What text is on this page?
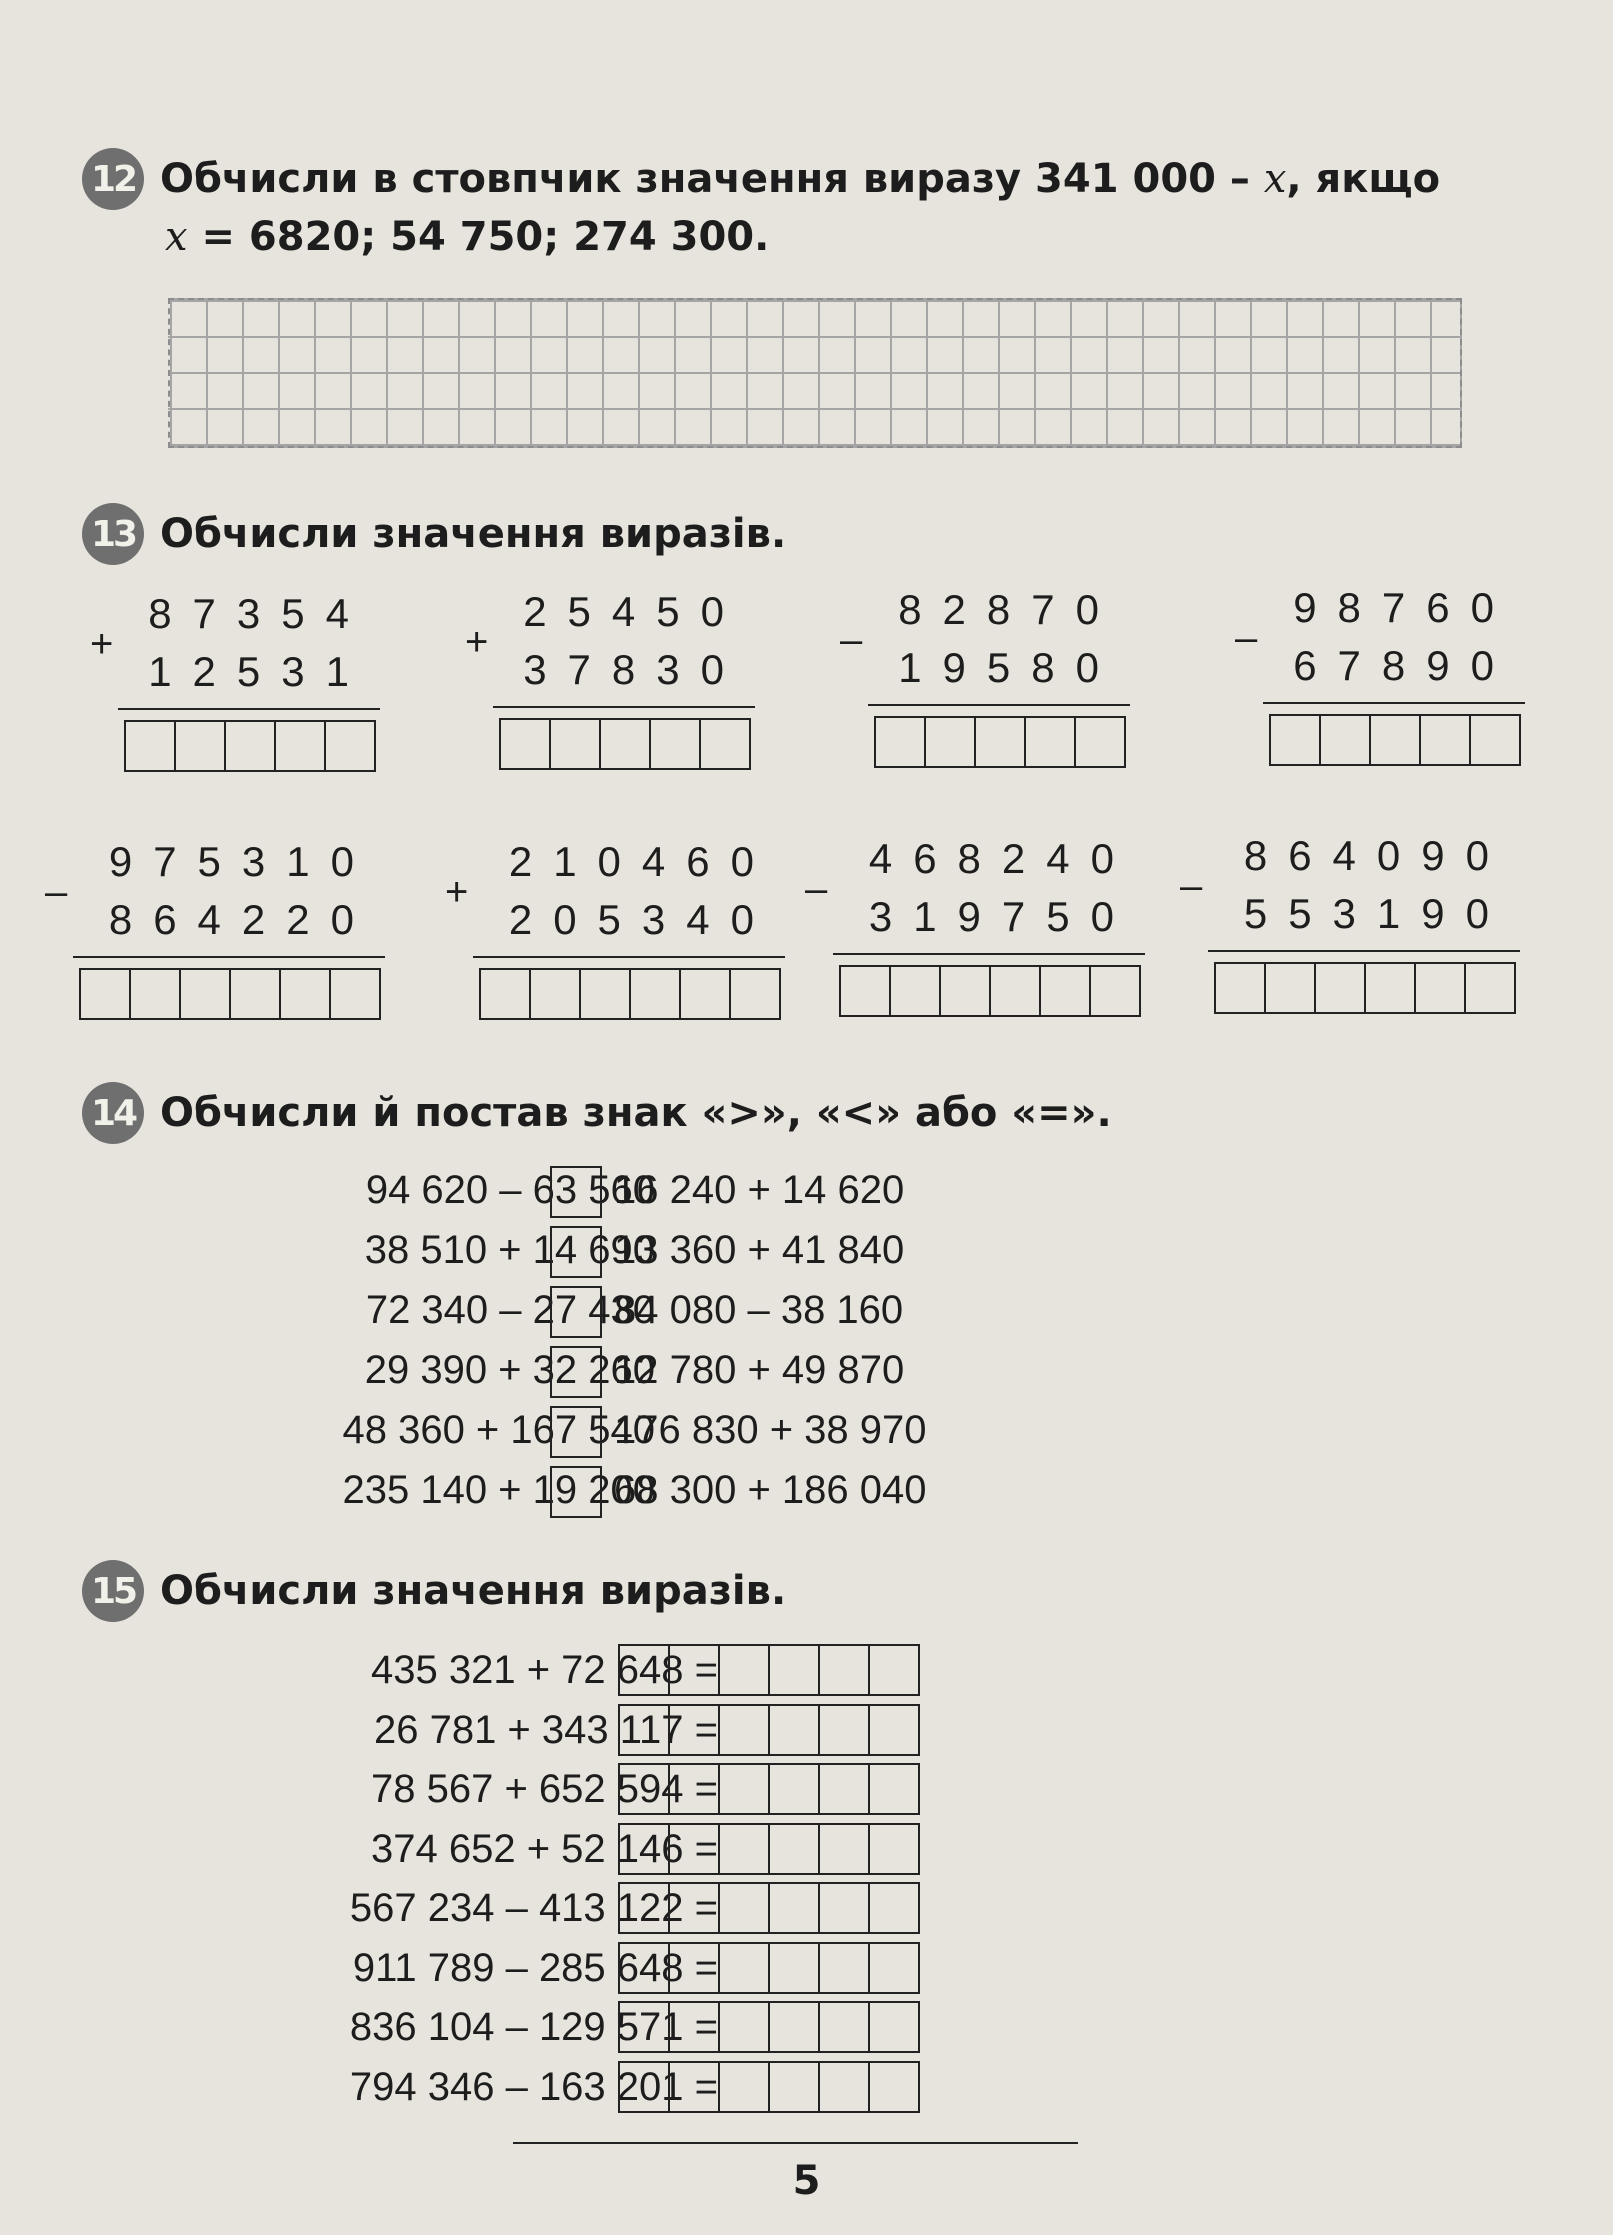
12 Обчисли в стовпчик значення виразу 341 000 – x, якщо
x = 6820; 54 750; 274 300.
13 Обчисли значення виразів.
+
87354
12531
+
25450
37830
–
82870
19580
–
98760
67890
–
975310
864220
+
210460
205340
–
468240
319750
–
864090
553190
14 Обчисли й постав знак «>», «<» або «=».
94 620 – 63 560
16 240 + 14 620
38 510 + 14 690
13 360 + 41 840
72 340 – 27 430
84 080 – 38 160
29 390 + 32 260
12 780 + 49 870
48 360 + 167 540
176 830 + 38 970
235 140 + 19 200
68 300 + 186 040
15 Обчисли значення виразів.
435 321 + 72 648 =
26 781 + 343 117 =
78 567 + 652 594 =
374 652 + 52 146 =
567 234 – 413 122 =
911 789 – 285 648 =
836 104 – 129 571 =
794 346 – 163 201 =
5
